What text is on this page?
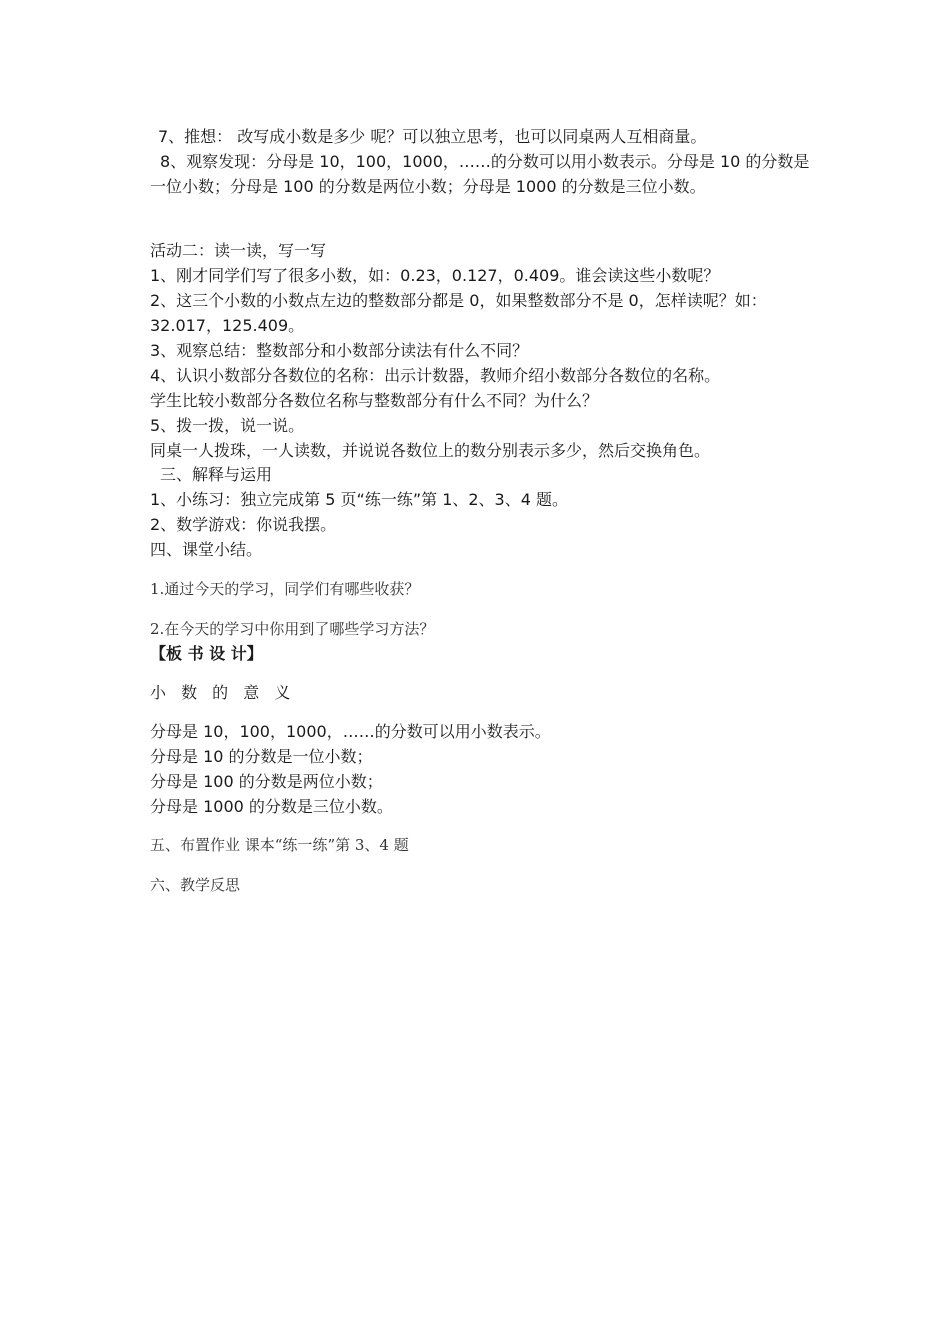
7、推想： 改写成小数是多少 呢？可以独立思考，也可以同桌两人互相商量。
8、观察发现：分母是 10，100，1000，……的分数可以用小数表示。分母是 10 的分数是
一位小数；分母是 100 的分数是两位小数；分母是 1000 的分数是三位小数。
活动二：读一读，写一写
1、刚才同学们写了很多小数，如：0.23，0.127，0.409。谁会读这些小数呢？
2、这三个小数的小数点左边的整数部分都是 0，如果整数部分不是 0，怎样读呢？如：
32.017，125.409。
3、观察总结：整数部分和小数部分读法有什么不同？
4、认识小数部分各数位的名称：出示计数器，教师介绍小数部分各数位的名称。
学生比较小数部分各数位名称与整数部分有什么不同？为什么？
5、拨一拨，说一说。
同桌一人拨珠，一人读数，并说说各数位上的数分别表示多少，然后交换角色。
三、解释与运用
1、小练习：独立完成第 5 页“练一练”第 1、2、3、4 题。
2、数学游戏：你说我摆。
四、课堂小结。
1.通过今天的学习，同学们有哪些收获？
2.在今天的学习中你用到了哪些学习方法？
【板 书 设 计】
小 数 的 意 义
分母是 10，100，1000，……的分数可以用小数表示。
分母是 10 的分数是一位小数；
分母是 100 的分数是两位小数；
分母是 1000 的分数是三位小数。
五、布置作业 课本“练一练”第 3、4 题
六、教学反思
